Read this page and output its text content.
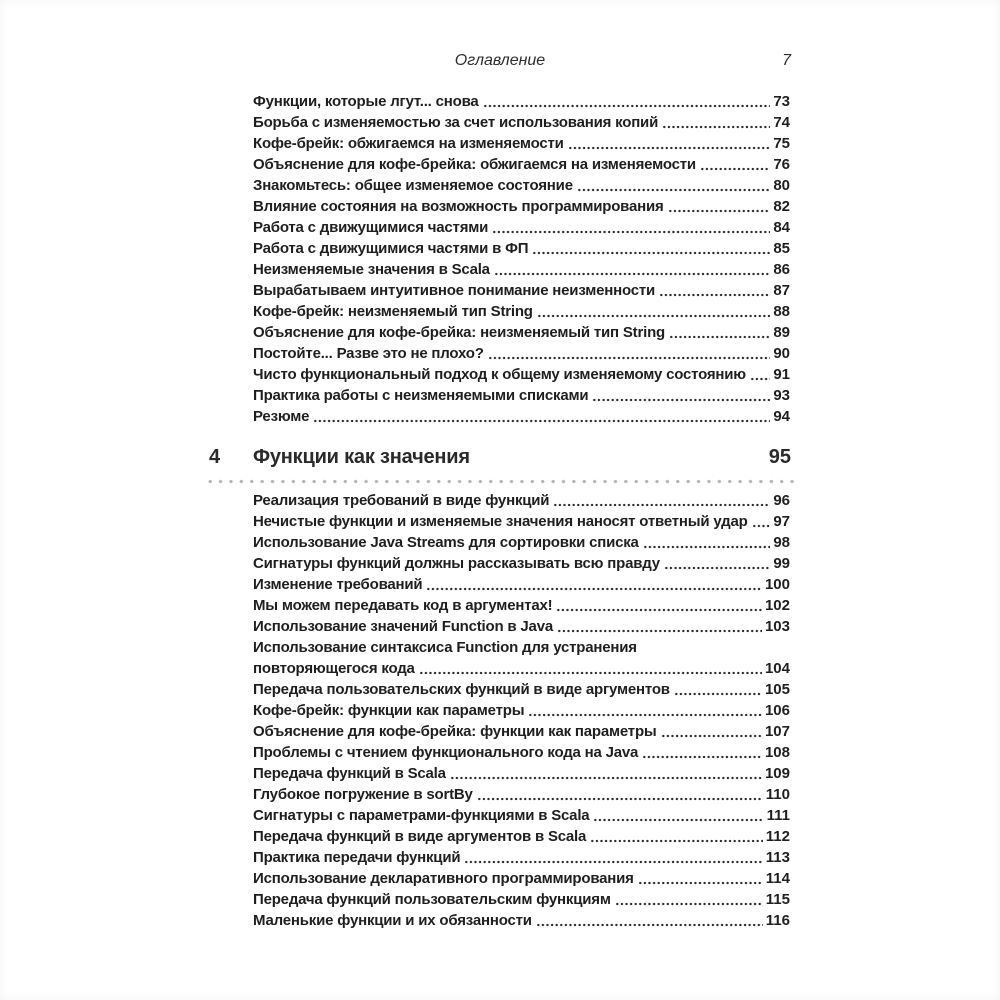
Оглавление	7
Функции, которые лгут... снова	73
Борьба с изменяемостью за счет использования копий	74
Кофе-брейк: обжигаемся на изменяемости	75
Объяснение для кофе-брейка: обжигаемся на изменяемости	76
Знакомьтесь: общее изменяемое состояние	80
Влияние состояния на возможность программирования	82
Работа с движущимися частями	84
Работа с движущимися частями в ФП	85
Неизменяемые значения в Scala	86
Вырабатываем интуитивное понимание неизменности	87
Кофе-брейк: неизменяемый тип String	88
Объяснение для кофе-брейка: неизменяемый тип String	89
Постойте... Разве это не плохо?	90
Чисто функциональный подход к общему изменяемому состоянию 91
Практика работы с неизменяемыми списками	93
Резюме	94
4	Функции как значения	95
Реализация требований в виде функций	96
Нечистые функции и изменяемые значения наносят ответный удар 97
Использование Java Streams для сортировки списка	98
Сигнатуры функций должны рассказывать всю правду	99
Изменение требований	100
Мы можем передавать код в аргументах!	102
Использование значений Function в Java	103
Использование синтаксиса Function для устранения
повторяющегося кода	104
Передача пользовательских функций в виде аргументов	105
Кофе-брейк: функции как параметры	106
Объяснение для кофе-брейка: функции как параметры	107
Проблемы с чтением функционального кода на Java	108
Передача функций в Scala	109
Глубокое погружение в sortBy	110
Сигнатуры с параметрами-функциями в Scala	111
Передача функций в виде аргументов в Scala	112
Практика передачи функций	113
Использование декларативного программирования	114
Передача функций пользовательским функциям	115
Маленькие функции и их обязанности	116
